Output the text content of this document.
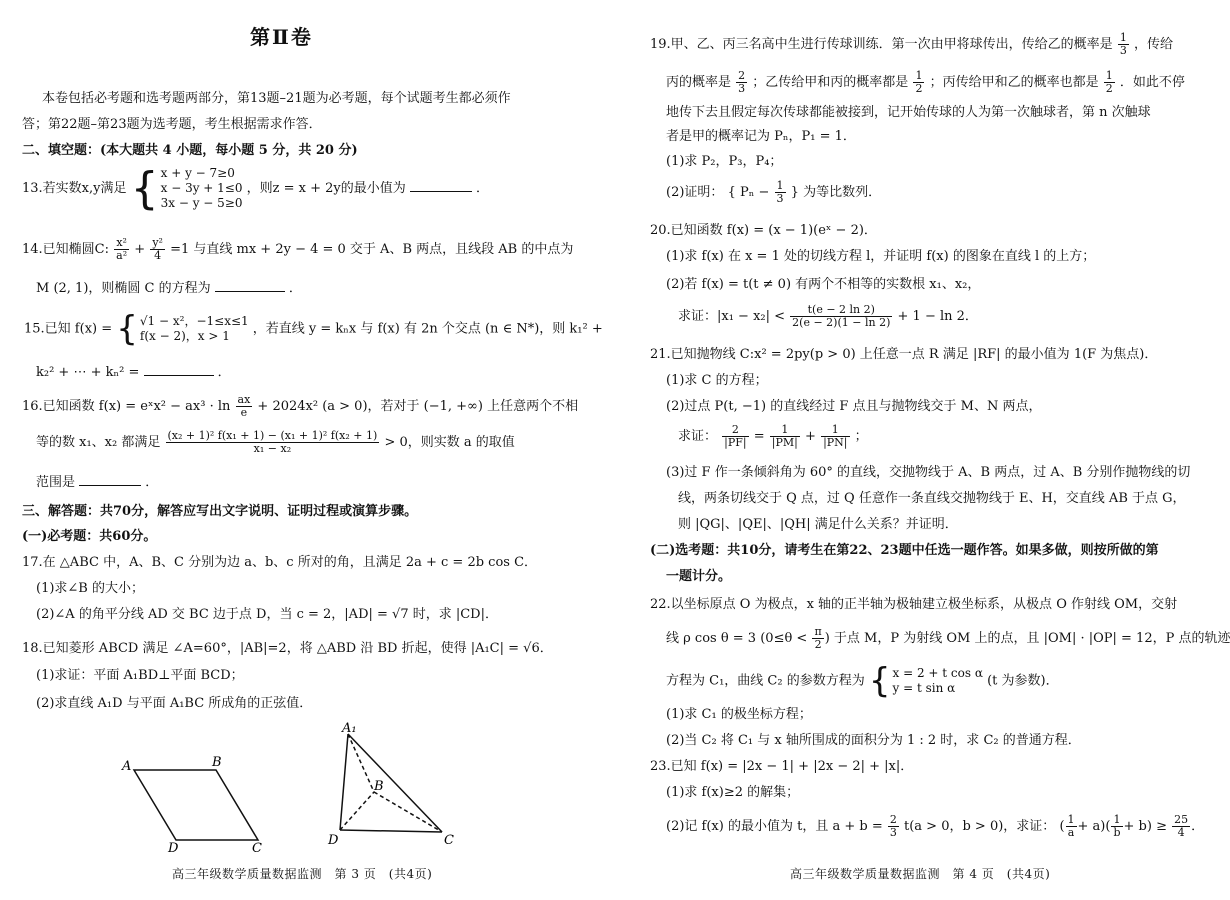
第Ⅱ卷
本卷包括必考题和选考题两部分，第13题–21题为必考题，每个试题考生都必须作
答；第22题–第23题为选考题，考生根据需求作答．
二、填空题：(本大题共 4 小题，每小题 5 分，共 20 分)
13.若实数x,y满足 { x + y − 7≥0
x − 3y + 1≤0
3x − y − 5≥0
，则z = x + 2y的最小值为	．
14.已知椭圆C: $\frac{\text{x²}}{\text{a²}} + \frac{\text{y²}}{4} =1$ 与直线 mx + 2y − 4 = 0 交于 A、B 两点，且线段 AB 的中点为
M (2, 1)，则椭圆 C 的方程为	．
15.已知 f(x) = { √1 − x²，−1≤x≤1
f(x − 2)，x > 1	，若直线 y = kₙx 与 f(x) 有 2n 个交点 (n ∈ N*)，则 k₁² +
k₂² + ⋯ + kₙ² =	．
16.已知函数 f(x) = eˣx² − $ax^3 \cdot \ln \frac{ax}{e} + 2024x^2$ (a > 0)，若对于 (−1, +∞) 上任意两个不相
等的数 x₁、x₂ 都满足 $\frac{\text{(x₂ + 1)² f(x₁ + 1) − (x₁ + 1)² f(x₂ + 1)}}{\text{x₁ − x₂}} > 0$，则实数 a 的取值
范围是	．
三、解答题：共70分，解答应写出文字说明、证明过程或演算步骤。
(一)必考题：共60分。
17.在 △ABC 中，A、B、C 分别为边 a、b、c 所对的角，且满足 2a + c = 2b cos C．
(1)求∠B 的大小；
(2)∠A 的角平分线 AD 交 BC 边于点 D，当 c = 2，|AD| = √7 时，求 |CD|．
18.已知菱形 ABCD 满足 ∠A=60°，|AB|=2，将 △ABD 沿 BD 折起，使得 |A₁C| = √6．
(1)求证：平面 A₁BD⊥平面 BCD；
(2)求直线 A₁D 与平面 A₁BC 所成角的正弦值．
A	B
C
D
A₁
B
C
D
高三年级数学质量数据监测　第 3 页　(共4页)
19.甲、乙、丙三名高中生进行传球训练．第一次由甲将球传出，传给乙的概率是 $\frac{1}{3}$ ，传给
丙的概率是 $\frac{2}{3}$ ；乙传给甲和丙的概率都是 $\frac{1}{2}$ ；丙传给甲和乙的概率也都是 $\frac{1}{2}$ ．如此不停
地传下去且假定每次传球都能被接到，记开始传球的人为第一次触球者，第 n 次触球
者是甲的概率记为 Pₙ，P₁ = 1．
(1)求 P₂，P₃，P₄；
(2)证明： { $P_n - \frac{1}{3}$ } 为等比数列．
20.已知函数 f(x) = (x − 1)(eˣ − 2)．
(1)求 f(x) 在 x = 1 处的切线方程 l，并证明 f(x) 的图象在直线 l 的上方；
(2)若 f(x) = t(t ≠ 0) 有两个不相等的实数根 x₁、x₂，
求证：$|x_1 - x_2| < \frac{t(e - 2 \ln 2)}{2(e - 2)(1 - \ln 2)} + 1 - \ln 2$．
21.已知抛物线 C:x² = 2py(p > 0) 上任意一点 R 满足 |RF| 的最小值为 1(F 为焦点)．
(1)求 C 的方程；
(2)过点 P(t, −1) 的直线经过 F 点且与抛物线交于 M、N 两点，
求证： $\frac{2}{|PF|} = \frac{1}{|PM|} + \frac{1}{|PN|}$ ；
(3)过 F 作一条倾斜角为 60° 的直线，交抛物线于 A、B 两点，过 A、B 分别作抛物线的切
线，两条切线交于 Q 点，过 Q 任意作一条直线交抛物线于 E、H，交直线 AB 于点 G，
则 |QG|、|QE|、|QH| 满足什么关系？并证明．
(二)选考题：共10分，请考生在第22、23题中任选一题作答。如果多做，则按所做的第
一题计分。
22.以坐标原点 O 为极点，x 轴的正半轴为极轴建立极坐标系，从极点 O 作射线 OM，交射
线 ρ cos θ = 3 ($0\le\theta < \frac{\pi}{2}$ ) 于点 M，P 为射线 OM 上的点，且 |OM| · |OP| = 12，P 点的轨迹
方程为 C₁，曲线 C₂ 的参数方程为 { x = 2 + t cos α
y = t sin α	(t 为参数)．
(1)求 C₁ 的极坐标方程；
(2)当 C₂ 将 C₁ 与 x 轴所围成的面积分为 1 : 2 时，求 C₂ 的普通方程．
23.已知 f(x) = |2x − 1| + |2x − 2| + |x|．
(1)求 f(x)≥2 的解集；
(2)记 f(x) 的最小值为 t，且 $a + b = \frac{2}{3} t(a > 0$，b > 0)，求证： ( $\frac{1}{a} + a)( \frac{1}{b} + b) \ge \frac{25}{4}$ ．
高三年级数学质量数据监测　第 4 页　(共4页)
